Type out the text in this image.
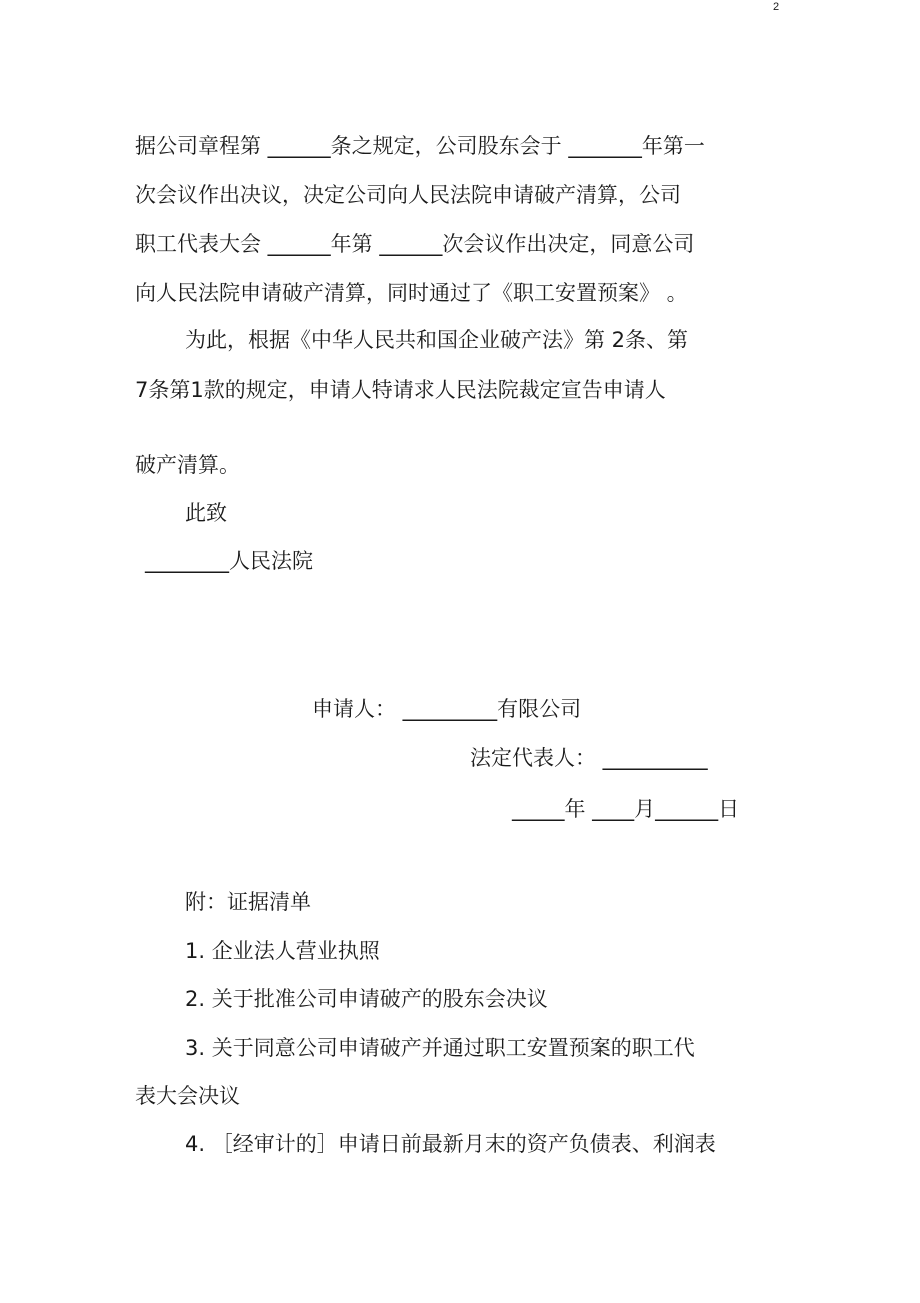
2
据公司章程第 ______条之规定，公司股东会于 _______年第一
次会议作出决议，决定公司向人民法院申请破产清算，公司
职工代表大会 ______年第 ______次会议作出决定，同意公司
向人民法院申请破产清算，同时通过了《职工安置预案》 。
为此，根据《中华人民共和国企业破产法》第 2条、第
7条第1款的规定，申请人特请求人民法院裁定宣告申请人
破产清算。
此致
________人民法院
申请人： _________有限公司
法定代表人： __________
_____年 ____月______日
附：证据清单
1. 企业法人营业执照
2. 关于批准公司申请破产的股东会决议
3. 关于同意公司申请破产并通过职工安置预案的职工代
表大会决议
4. ［经审计的］申请日前最新月末的资产负债表、利润表
